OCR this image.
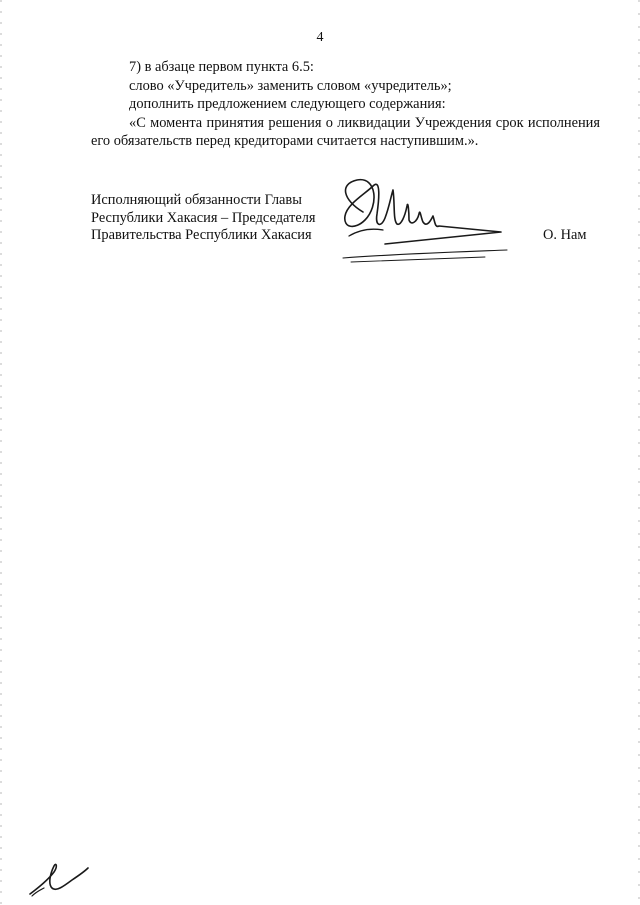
4

7) в абзаце первом пункта 6.5:

слово «Учредитель» заменить словом «учредитель»;

дополнить предложением следующего содержания:

«С момента принятия решения о ликвидации Учреждения срок исполнения его обязательств перед кредиторами считается наступившим.».

Исполняющий обязанности Главы
Республики Хакасия – Председателя
Правительства Республики Хакасия	О. Нам
